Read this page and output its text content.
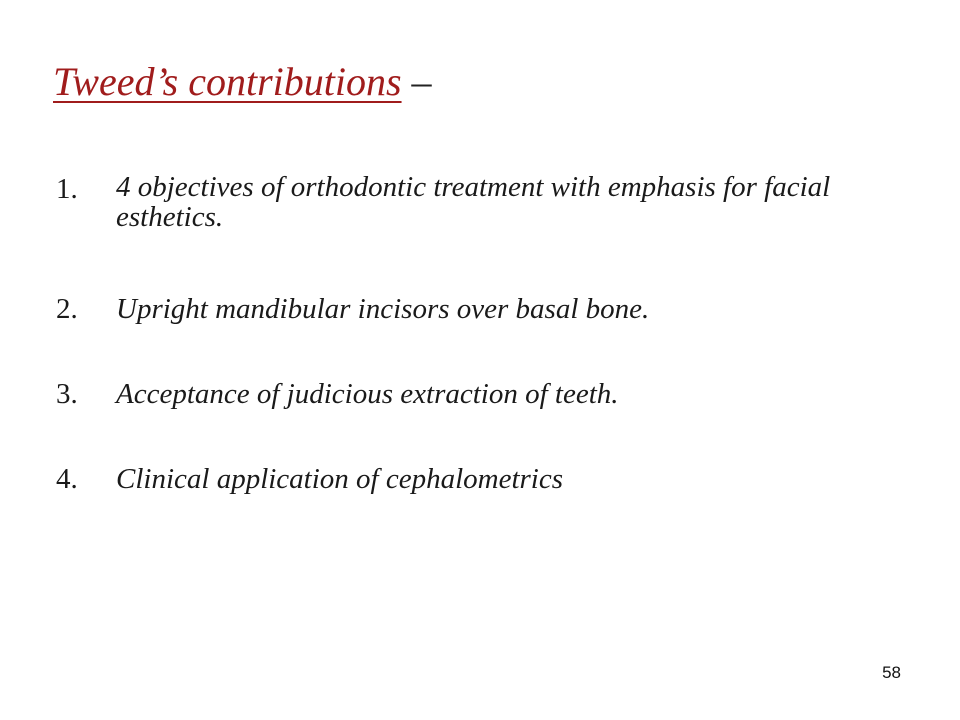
Tweed’s contributions –
1.	4 objectives of orthodontic treatment with emphasis for facial esthetics.
2.	Upright mandibular incisors over basal bone.
3.	Acceptance of judicious extraction of teeth.
4.	Clinical application of cephalometrics
58
